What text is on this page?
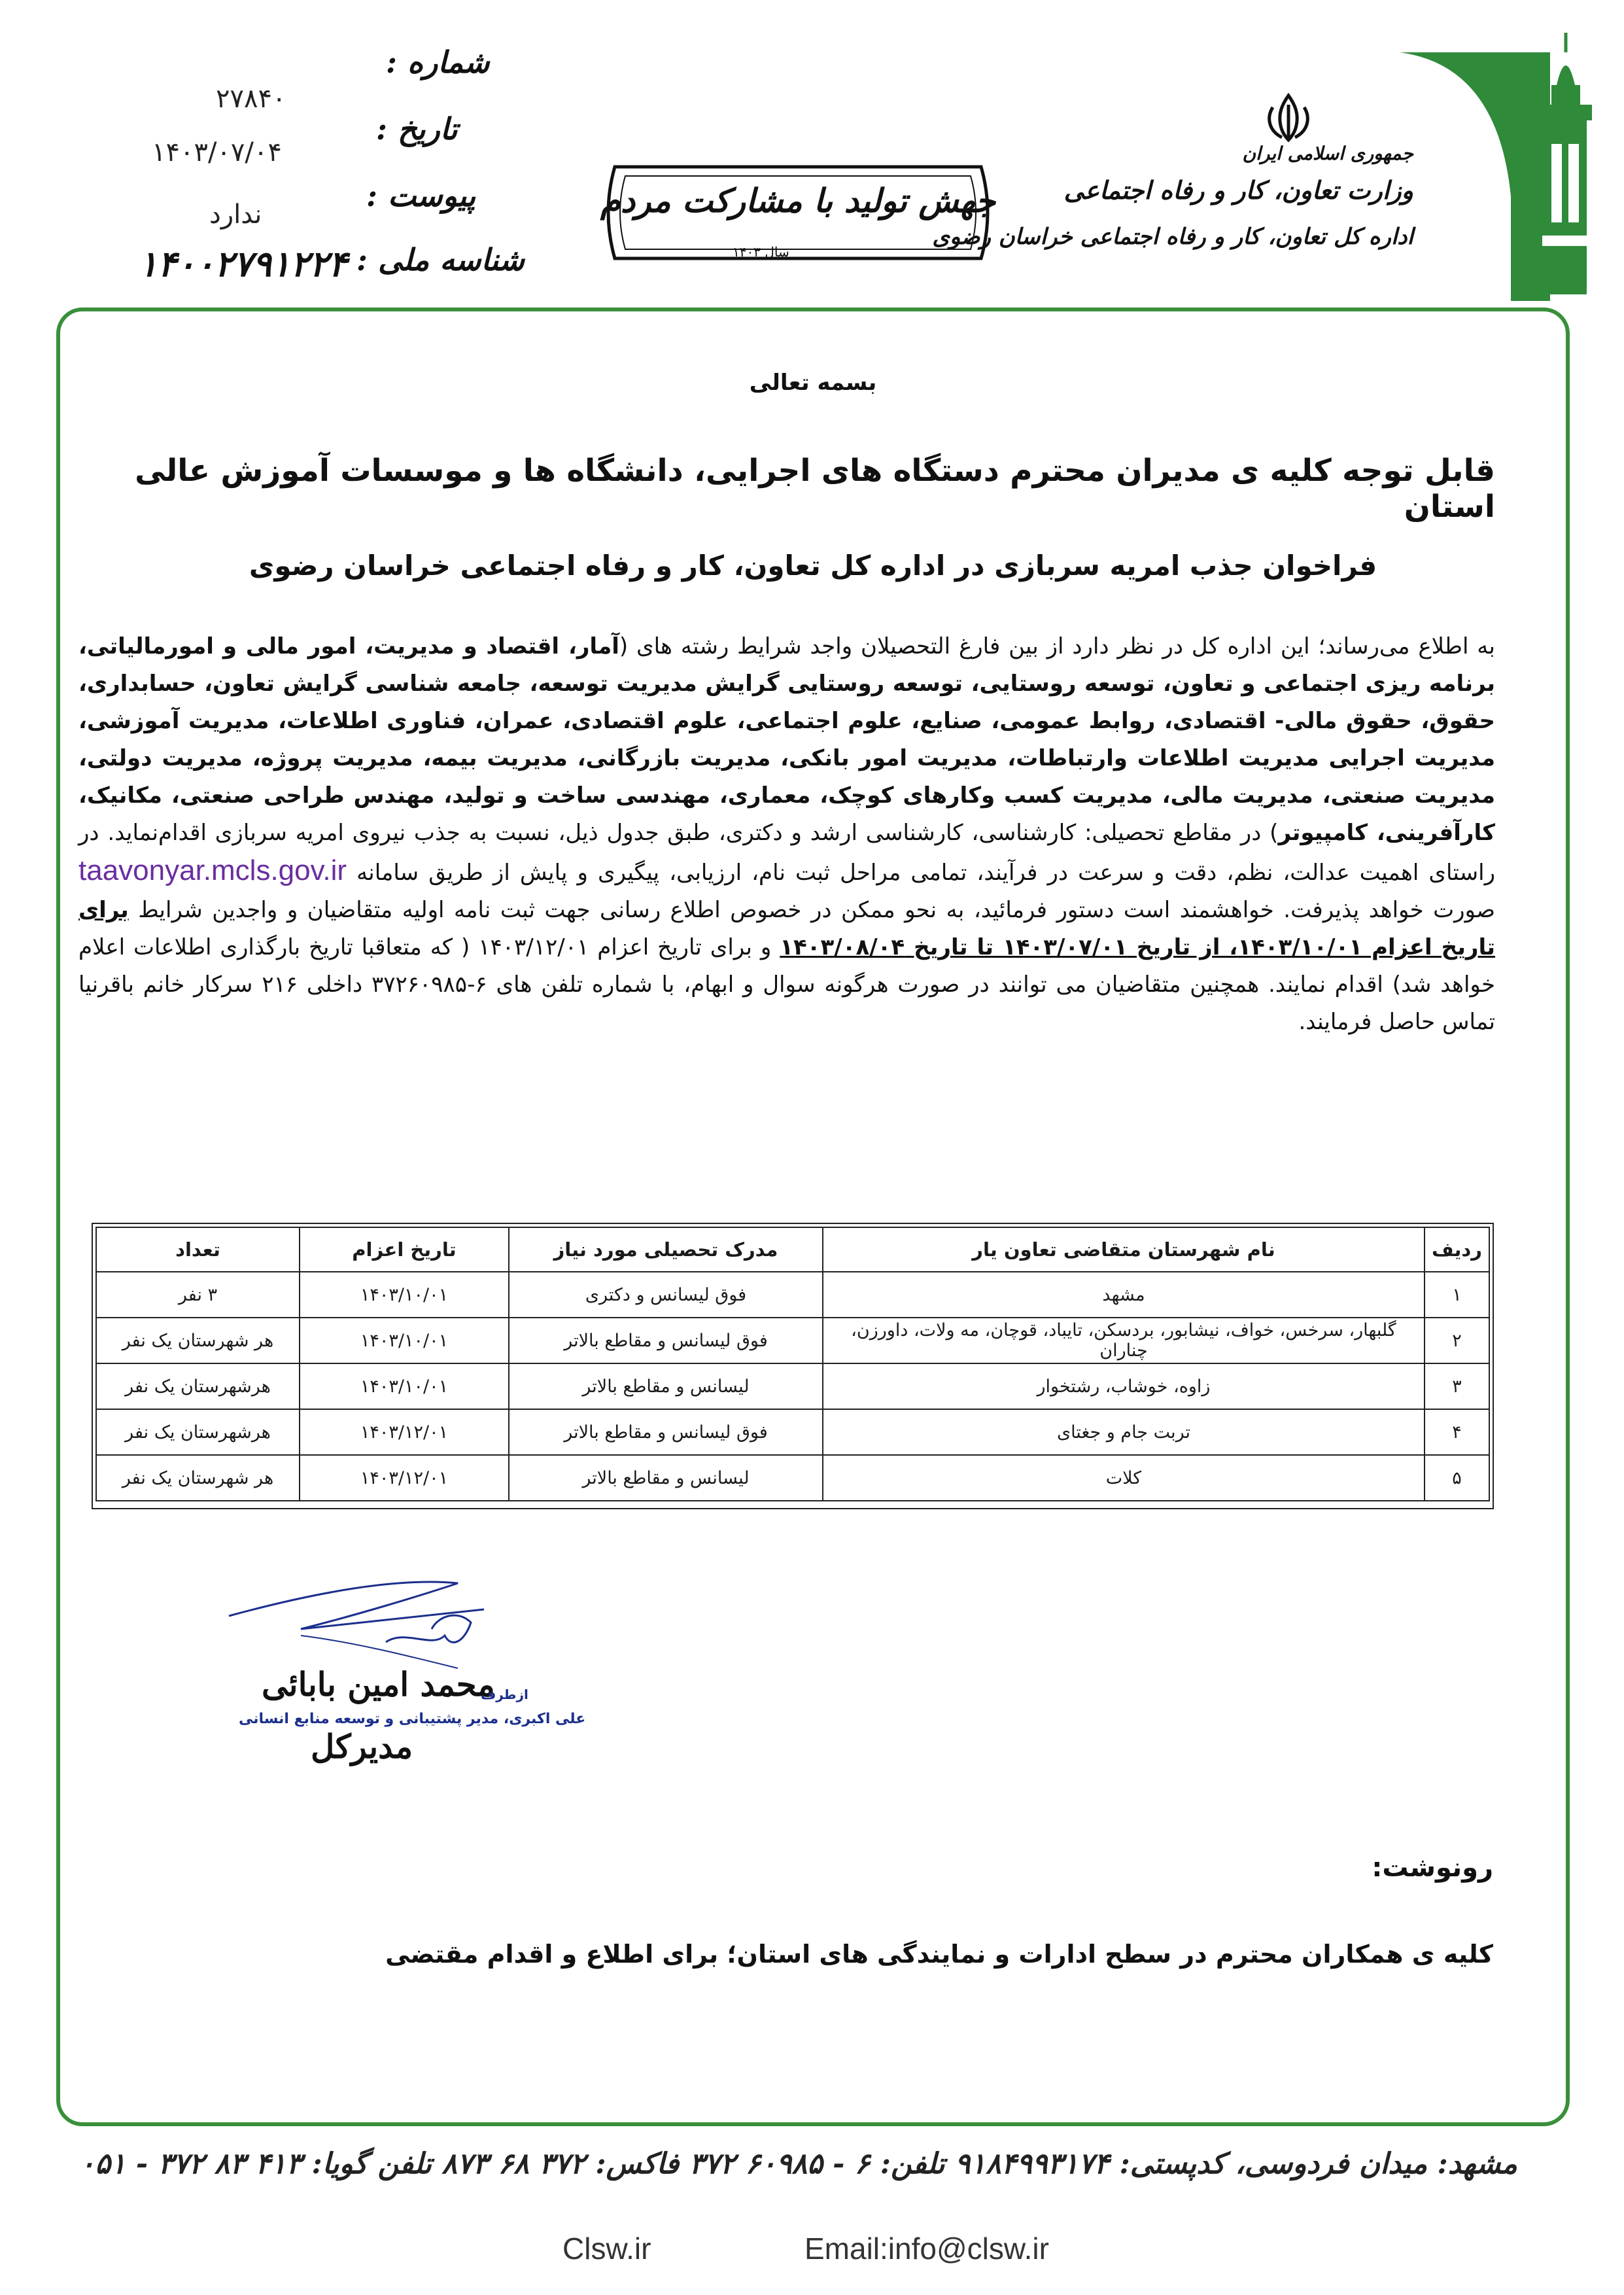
شماره :
۲۷۸۴۰
تاریخ :
۱۴۰۳/۰۷/۰۴
پیوست :
ندارد
شناسه ملی :
۱۴۰۰۲۷۹۱۲۲۴
جهش تولید با مشارکت مردم
سال ۱۴۰۳
جمهوری اسلامی ایران
وزارت تعاون، کار و رفاه اجتماعی
اداره کل تعاون، کار و رفاه اجتماعی خراسان رضوی
بسمه تعالی
قابل توجه کلیه ی مدیران محترم دستگاه های اجرایی، دانشگاه ها و موسسات آموزش عالی استان
فراخوان جذب امریه سربازی در اداره کل تعاون، کار و رفاه اجتماعی خراسان رضوی
به اطلاع می‌رساند؛ این اداره کل در نظر دارد از بین فارغ التحصیلان واجد شرایط رشته های (آمار، اقتصاد و مدیریت، امور مالی و امورمالیاتی، برنامه ریزی اجتماعی و تعاون، توسعه روستایی، توسعه روستایی گرایش مدیریت توسعه، جامعه شناسی گرایش تعاون، حسابداری، حقوق، حقوق مالی- اقتصادی، روابط عمومی، صنایع، علوم اجتماعی، علوم اقتصادی، عمران، فناوری اطلاعات، مدیریت آموزشی، مدیریت اجرایی مدیریت اطلاعات وارتباطات، مدیریت امور بانکی، مدیریت بازرگانی، مدیریت بیمه، مدیریت پروژه، مدیریت دولتی، مدیریت صنعتی، مدیریت مالی، مدیریت کسب وکارهای کوچک، معماری، مهندسی ساخت و تولید، مهندس طراحی صنعتی، مکانیک، کارآفرینی، کامپیوتر) در مقاطع تحصیلی: کارشناسی، کارشناسی ارشد و دکتری، طبق جدول ذیل، نسبت به جذب نیروی امریه سربازی اقدام‌نماید. در راستای اهمیت عدالت، نظم، دقت و سرعت در فرآیند، تمامی مراحل ثبت نام، ارزیابی، پیگیری و پایش از طریق سامانه taavonyar.mcls.gov.ir صورت خواهد پذیرفت. خواهشمند است دستور فرمائید، به نحو ممکن در خصوص اطلاع رسانی جهت ثبت نامه اولیه متقاضیان و واجدین شرایط برای تاریخ اعزام ۱۴۰۳/۱۰/۰۱، از تاریخ ۱۴۰۳/۰۷/۰۱ تا تاریخ ۱۴۰۳/۰۸/۰۴ و برای تاریخ اعزام ۱۴۰۳/۱۲/۰۱ ( که متعاقبا تاریخ بارگذاری اطلاعات اعلام خواهد شد) اقدام نمایند. همچنین متقاضیان می توانند در صورت هرگونه سوال و ابهام، با شماره تلفن های ۶-۳۷۲۶۰۹۸۵ داخلی ۲۱۶ سرکار خانم باقرنیا تماس حاصل فرمایند.
ردیف	نام شهرستان متقاضی تعاون یار	مدرک تحصیلی مورد نیاز	تاریخ اعزام	تعداد
۱	مشهد	فوق لیسانس و دکتری	۱۴۰۳/۱۰/۰۱	۳ نفر
۲	گلبهار، سرخس، خواف، نیشابور، بردسکن، تایباد، قوچان، مه ولات، داورزن، چناران	فوق لیسانس و مقاطع بالاتر	۱۴۰۳/۱۰/۰۱	هر شهرستان یک نفر
۳	زاوه، خوشاب، رشتخوار	لیسانس و مقاطع بالاتر	۱۴۰۳/۱۰/۰۱	هرشهرستان یک نفر
۴	تربت جام و جغتای	فوق لیسانس و مقاطع بالاتر	۱۴۰۳/۱۲/۰۱	هرشهرستان یک نفر
۵	کلات	لیسانس و مقاطع بالاتر	۱۴۰۳/۱۲/۰۱	هر شهرستان یک نفر
محمد امین بابائی
ازطرف
علی اکبری، مدیر پشتیبانی و توسعه منابع انسانی
مدیرکل
رونوشت:
کلیه ی همکاران محترم در سطح ادارات و نمایندگی های استان؛ برای اطلاع و اقدام مقتضی
مشهد: میدان فردوسی، کدپستی: ۹۱۸۴۹۹۳۱۷۴ تلفن: ۶ - ۶۰۹۸۵ ۳۷۲ فاکس: ۳۷۲ ۶۸ ۸۷۳ تلفن گویا: ۴۱۳ ۸۳ ۳۷۲ - ۰۵۱
Clsw.ir	Email:info@clsw.ir
